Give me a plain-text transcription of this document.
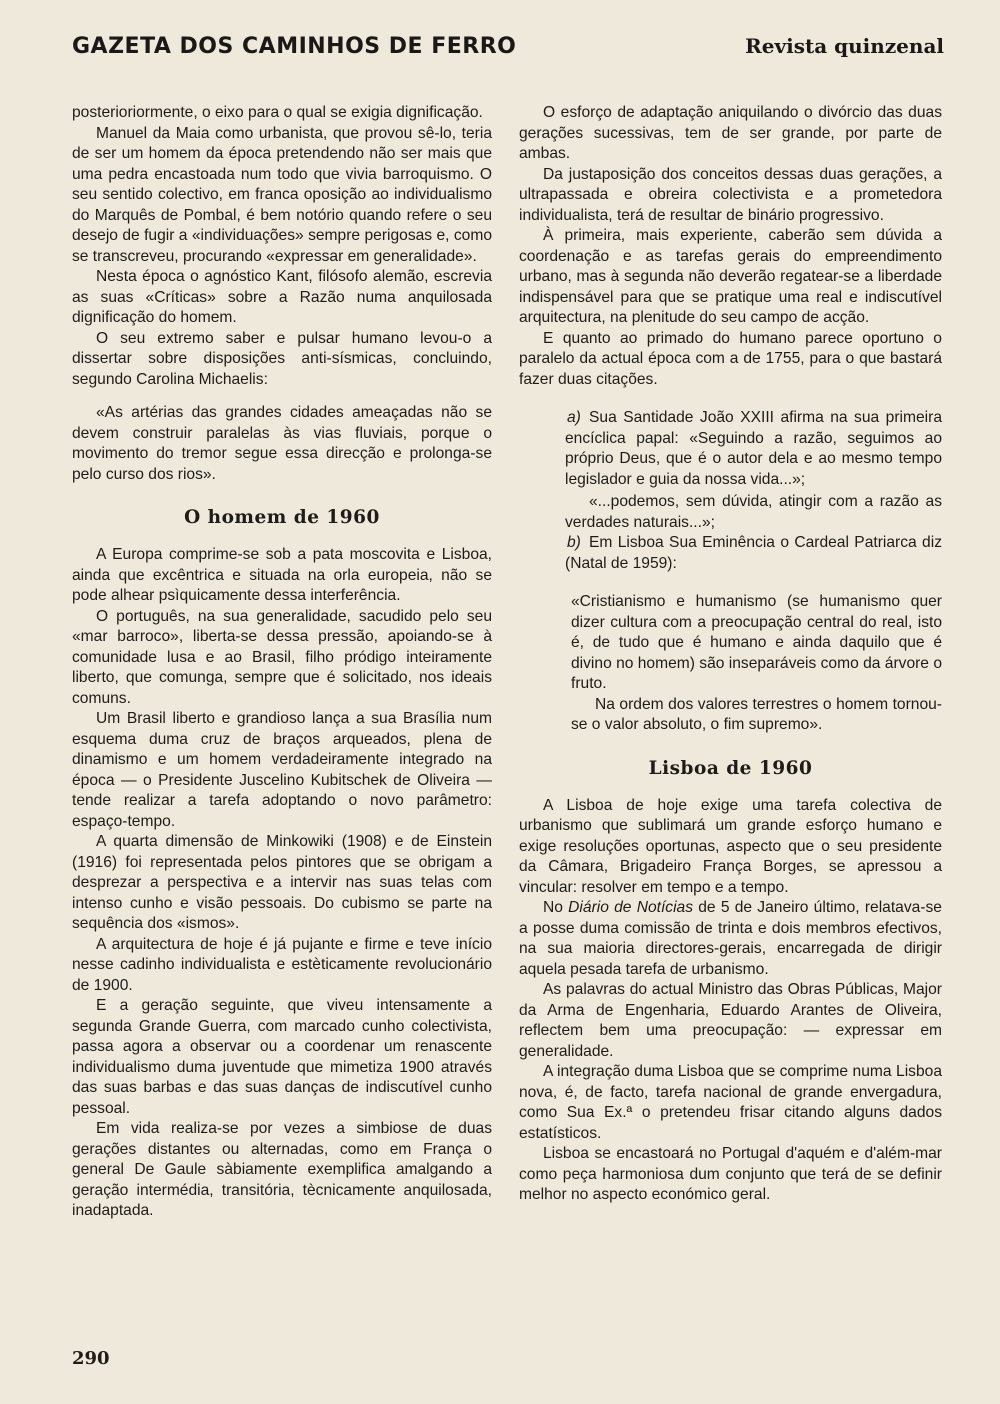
GAZETA DOS CAMINHOS DE FERRO	Revista quinzenal

posterioriormente, o eixo para o qual se exigia dignificação.

Manuel da Maia como urbanista, que provou sê-lo, teria de ser um homem da época pretendendo não ser mais que uma pedra encastoada num todo que vivia barroquismo. O seu sentido colectivo, em franca oposição ao individualismo do Marquês de Pombal, é bem notório quando refere o seu desejo de fugir a «individuações» sempre perigosas e, como se transcreveu, procurando «expressar em generalidade».

Nesta época o agnóstico Kant, filósofo alemão, escrevia as suas «Críticas» sobre a Razão numa anquilosada dignificação do homem.

O seu extremo saber e pulsar humano levou-o a dissertar sobre disposições anti-sísmicas, concluindo, segundo Carolina Michaelis:

«As artérias das grandes cidades ameaçadas não se devem construir paralelas às vias fluviais, porque o movimento do tremor segue essa direcção e prolonga-se pelo curso dos rios».

O homem de 1960

A Europa comprime-se sob a pata moscovita e Lisboa, ainda que excêntrica e situada na orla europeia, não se pode alhear psìquicamente dessa interferência.

O português, na sua generalidade, sacudido pelo seu «mar barroco», liberta-se dessa pressão, apoiando-se à comunidade lusa e ao Brasil, filho pródigo inteiramente liberto, que comunga, sempre que é solicitado, nos ideais comuns.

Um Brasil liberto e grandioso lança a sua Brasília num esquema duma cruz de braços arqueados, plena de dinamismo e um homem verdadeiramente integrado na época — o Presidente Juscelino Kubitschek de Oliveira — tende realizar a tarefa adoptando o novo parâmetro: espaço-tempo.

A quarta dimensão de Minkowiki (1908) e de Einstein (1916) foi representada pelos pintores que se obrigam a desprezar a perspectiva e a intervir nas suas telas com intenso cunho e visão pessoais. Do cubismo se parte na sequência dos «ismos».

A arquitectura de hoje é já pujante e firme e teve início nesse cadinho individualista e estèticamente revolucionário de 1900.

E a geração seguinte, que viveu intensamente a segunda Grande Guerra, com marcado cunho colectivista, passa agora a observar ou a coordenar um renascente individualismo duma juventude que mimetiza 1900 através das suas barbas e das suas danças de indiscutível cunho pessoal.

Em vida realiza-se por vezes a simbiose de duas gerações distantes ou alternadas, como em França o general De Gaule sàbiamente exemplifica amalgando a geração intermédia, transitória, tècnicamente anquilosada, inadaptada.

O esforço de adaptação aniquilando o divórcio das duas gerações sucessivas, tem de ser grande, por parte de ambas.

Da justaposição dos conceitos dessas duas gerações, a ultrapassada e obreira colectivista e a prometedora individualista, terá de resultar de binário progressivo.

À primeira, mais experiente, caberão sem dúvida a coordenação e as tarefas gerais do empreendimento urbano, mas à segunda não deverão regatear-se a liberdade indispensável para que se pratique uma real e indiscutível arquitectura, na plenitude do seu campo de acção.

E quanto ao primado do humano parece oportuno o paralelo da actual época com a de 1755, para o que bastará fazer duas citações.

a) Sua Santidade João XXIII afirma na sua primeira encíclica papal: «Seguindo a razão, seguimos ao próprio Deus, que é o autor dela e ao mesmo tempo legislador e guia da nossa vida...»;

«...podemos, sem dúvida, atingir com a razão as verdades naturais...»;

b) Em Lisboa Sua Eminência o Cardeal Patriarca diz (Natal de 1959):

«Cristianismo e humanismo (se humanismo quer dizer cultura com a preocupação central do real, isto é, de tudo que é humano e ainda daquilo que é divino no homem) são inseparáveis como da árvore o fruto.

Na ordem dos valores terrestres o homem tornou-se o valor absoluto, o fim supremo».

Lisboa de 1960

A Lisboa de hoje exige uma tarefa colectiva de urbanismo que sublimará um grande esforço humano e exige resoluções oportunas, aspecto que o seu presidente da Câmara, Brigadeiro França Borges, se apressou a vincular: resolver em tempo e a tempo.

No Diário de Notícias de 5 de Janeiro último, relatava-se a posse duma comissão de trinta e dois membros efectivos, na sua maioria directores-gerais, encarregada de dirigir aquela pesada tarefa de urbanismo.

As palavras do actual Ministro das Obras Públicas, Major da Arma de Engenharia, Eduardo Arantes de Oliveira, reflectem bem uma preocupação: — expressar em generalidade.

A integração duma Lisboa que se comprime numa Lisboa nova, é, de facto, tarefa nacional de grande envergadura, como Sua Ex.ª o pretendeu frisar citando alguns dados estatísticos.

Lisboa se encastoará no Portugal d'aquém e d'além-mar como peça harmoniosa dum conjunto que terá de se definir melhor no aspecto económico geral.

290
